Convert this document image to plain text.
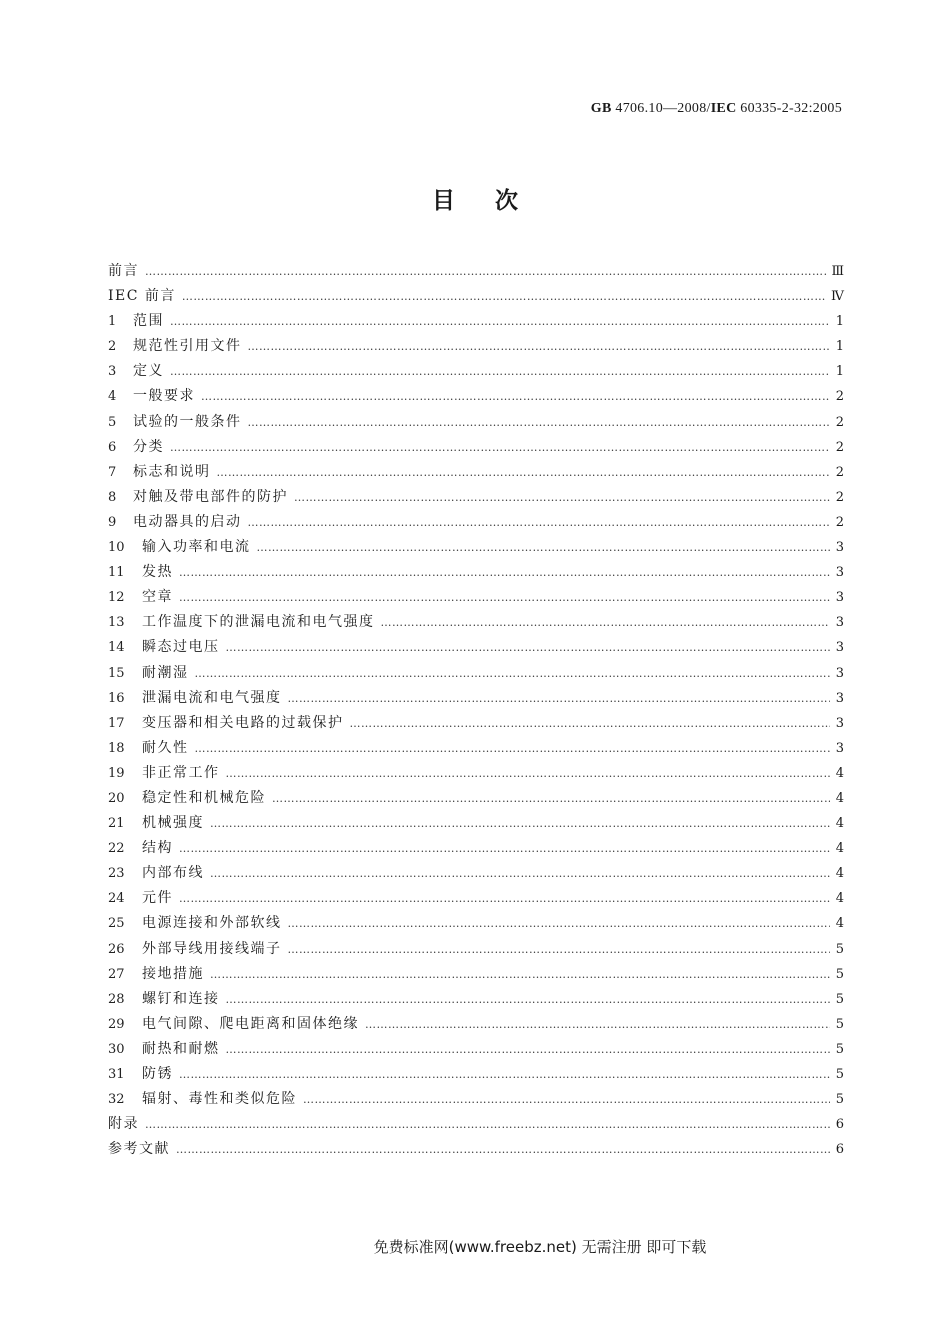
GB 4706.10—2008/IEC 60335-2-32:2005
目次
前言 …………………………………………………………………………………………………………………………………………………………………………………………………………	Ⅲ
IEC 前言 …………………………………………………………………………………………………………………………………………………………………………………………………………	Ⅳ
1	范围 …………………………………………………………………………………………………………………………………………………………………………………………………………	1
2	规范性引用文件 …………………………………………………………………………………………………………………………………………………………………………………………………………	1
3	定义 …………………………………………………………………………………………………………………………………………………………………………………………………………	1
4	一般要求 …………………………………………………………………………………………………………………………………………………………………………………………………………	2
5	试验的一般条件 …………………………………………………………………………………………………………………………………………………………………………………………………………	2
6	分类 …………………………………………………………………………………………………………………………………………………………………………………………………………	2
7	标志和说明 …………………………………………………………………………………………………………………………………………………………………………………………………………	2
8	对触及带电部件的防护 …………………………………………………………………………………………………………………………………………………………………………………………………………	2
9	电动器具的启动 …………………………………………………………………………………………………………………………………………………………………………………………………………	2
10	输入功率和电流 …………………………………………………………………………………………………………………………………………………………………………………………………………	3
11	发热 …………………………………………………………………………………………………………………………………………………………………………………………………………	3
12	空章 …………………………………………………………………………………………………………………………………………………………………………………………………………	3
13	工作温度下的泄漏电流和电气强度 …………………………………………………………………………………………………………………………………………………………………………………………………………	3
14	瞬态过电压 …………………………………………………………………………………………………………………………………………………………………………………………………………	3
15	耐潮湿 …………………………………………………………………………………………………………………………………………………………………………………………………………	3
16	泄漏电流和电气强度 …………………………………………………………………………………………………………………………………………………………………………………………………………	3
17	变压器和相关电路的过载保护 …………………………………………………………………………………………………………………………………………………………………………………………………………	3
18	耐久性 …………………………………………………………………………………………………………………………………………………………………………………………………………	3
19	非正常工作 …………………………………………………………………………………………………………………………………………………………………………………………………………	4
20	稳定性和机械危险 …………………………………………………………………………………………………………………………………………………………………………………………………………	4
21	机械强度 …………………………………………………………………………………………………………………………………………………………………………………………………………	4
22	结构 …………………………………………………………………………………………………………………………………………………………………………………………………………	4
23	内部布线 …………………………………………………………………………………………………………………………………………………………………………………………………………	4
24	元件 …………………………………………………………………………………………………………………………………………………………………………………………………………	4
25	电源连接和外部软线 …………………………………………………………………………………………………………………………………………………………………………………………………………	4
26	外部导线用接线端子 …………………………………………………………………………………………………………………………………………………………………………………………………………	5
27	接地措施 …………………………………………………………………………………………………………………………………………………………………………………………………………	5
28	螺钉和连接 …………………………………………………………………………………………………………………………………………………………………………………………………………	5
29	电气间隙、爬电距离和固体绝缘 …………………………………………………………………………………………………………………………………………………………………………………………………………	5
30	耐热和耐燃 …………………………………………………………………………………………………………………………………………………………………………………………………………	5
31	防锈 …………………………………………………………………………………………………………………………………………………………………………………………………………	5
32	辐射、毒性和类似危险 …………………………………………………………………………………………………………………………………………………………………………………………………………	5
附录 …………………………………………………………………………………………………………………………………………………………………………………………………………	6
参考文献 …………………………………………………………………………………………………………………………………………………………………………………………………………	6
免费标准网(www.freebz.net) 无需注册 即可下载
